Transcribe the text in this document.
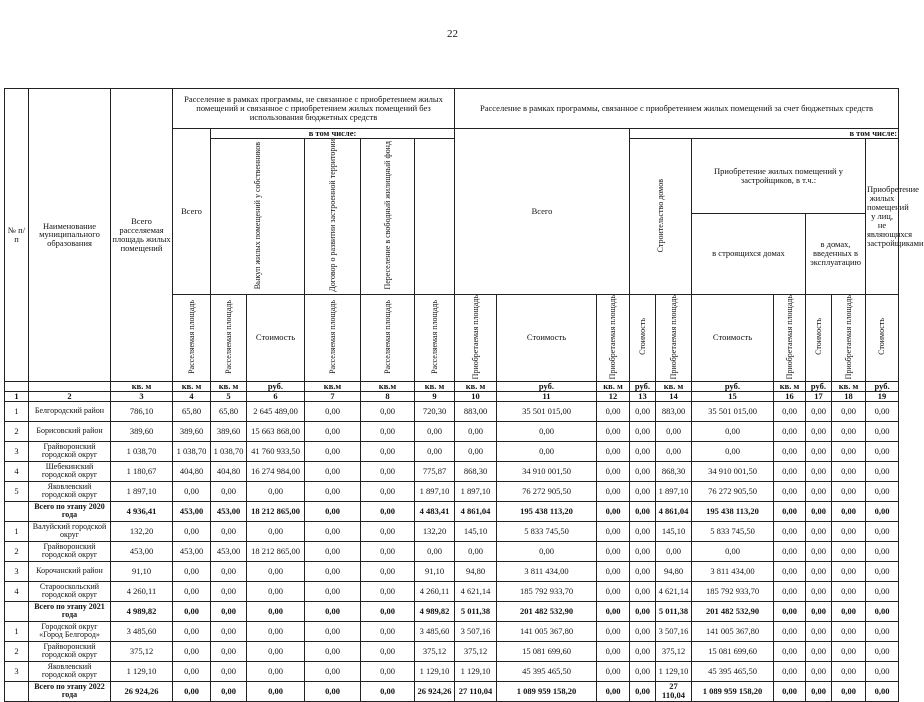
22
№ п/п	Наименование муниципального образования	Всего расселяемая площадь жилых помещений	Расселение в рамках программы, не связанное с приобретением жилых помещений и связанное с приобретением жилых помещений без использования бюджетных средств						Расселение в рамках программы, связанное с приобретением жилых помещений за счет бюджетных средств									
			Всего	в том числе:					Всего			в том числе:						
				Выкуп жилых помещений у собственников		Договор о развитии застроенной территории	Переселение в свободный жилищный фонд					Строительство домов		Приобретение жилых помещений у застройщиков, в т.ч.:				Приобретение жилых помещений у лиц, не являющихся застройщиками
														в строящихся домах		в домах, введенных в эксплуатацию		
			Расселяемая площадь	Расселяемая площадь	Стоимость	Расселяемая площадь	Расселяемая площадь	Расселяемая площадь	Приобретаемая площадь	Стоимость	Приобретаемая площадь	Стоимость	Приобретаемая площадь	Стоимость	Приобретаемая площадь	Стоимость	Приобретаемая площадь	Стоимость
		кв. м	кв. м	кв. м	руб.	кв.м	кв.м	кв. м	кв. м	руб.	кв. м	руб.	кв. м	руб.	кв. м	руб.	кв. м	руб.
1	2	3	4	5	6	7	8	9	10	11	12	13	14	15	16	17	18	19
1	Белгородский район	786,10	65,80	65,80	2 645 489,00	0,00	0,00	720,30	883,00	35 501 015,00	0,00	0,00	883,00	35 501 015,00	0,00	0,00	0,00	0,00
2	Борисовский район	389,60	389,60	389,60	15 663 868,00	0,00	0,00	0,00	0,00	0,00	0,00	0,00	0,00	0,00	0,00	0,00	0,00	0,00
3	Грайворонский городской округ	1 038,70	1 038,70	1 038,70	41 760 933,50	0,00	0,00	0,00	0,00	0,00	0,00	0,00	0,00	0,00	0,00	0,00	0,00	0,00
4	Шебекинский городской округ	1 180,67	404,80	404,80	16 274 984,00	0,00	0,00	775,87	868,30	34 910 001,50	0,00	0,00	868,30	34 910 001,50	0,00	0,00	0,00	0,00
5	Яковлевский городской округ	1 897,10	0,00	0,00	0,00	0,00	0,00	1 897,10	1 897,10	76 272 905,50	0,00	0,00	1 897,10	76 272 905,50	0,00	0,00	0,00	0,00
	Всего по этапу 2020 года	4 936,41	453,00	453,00	18 212 865,00	0,00	0,00	4 483,41	4 861,04	195 438 113,20	0,00	0,00	4 861,04	195 438 113,20	0,00	0,00	0,00	0,00
1	Валуйский городской округ	132,20	0,00	0,00	0,00	0,00	0,00	132,20	145,10	5 833 745,50	0,00	0,00	145,10	5 833 745,50	0,00	0,00	0,00	0,00
2	Грайворонский городской округ	453,00	453,00	453,00	18 212 865,00	0,00	0,00	0,00	0,00	0,00	0,00	0,00	0,00	0,00	0,00	0,00	0,00	0,00
3	Корочанский район	91,10	0,00	0,00	0,00	0,00	0,00	91,10	94,80	3 811 434,00	0,00	0,00	94,80	3 811 434,00	0,00	0,00	0,00	0,00
4	Старооскольский городской округ	4 260,11	0,00	0,00	0,00	0,00	0,00	4 260,11	4 621,14	185 792 933,70	0,00	0,00	4 621,14	185 792 933,70	0,00	0,00	0,00	0,00
	Всего по этапу 2021 года	4 989,82	0,00	0,00	0,00	0,00	0,00	4 989,82	5 011,38	201 482 532,90	0,00	0,00	5 011,38	201 482 532,90	0,00	0,00	0,00	0,00
1	Городской округ «Город Белгород»	3 485,60	0,00	0,00	0,00	0,00	0,00	3 485,60	3 507,16	141 005 367,80	0,00	0,00	3 507,16	141 005 367,80	0,00	0,00	0,00	0,00
2	Грайворонский городской округ	375,12	0,00	0,00	0,00	0,00	0,00	375,12	375,12	15 081 699,60	0,00	0,00	375,12	15 081 699,60	0,00	0,00	0,00	0,00
3	Яковлевский городской округ	1 129,10	0,00	0,00	0,00	0,00	0,00	1 129,10	1 129,10	45 395 465,50	0,00	0,00	1 129,10	45 395 465,50	0,00	0,00	0,00	0,00
	Всего по этапу 2022 года	26 924,26	0,00	0,00	0,00	0,00	0,00	26 924,26	27 110,04	1 089 959 158,20	0,00	0,00	27 110,04	1 089 959 158,20	0,00	0,00	0,00	0,00
